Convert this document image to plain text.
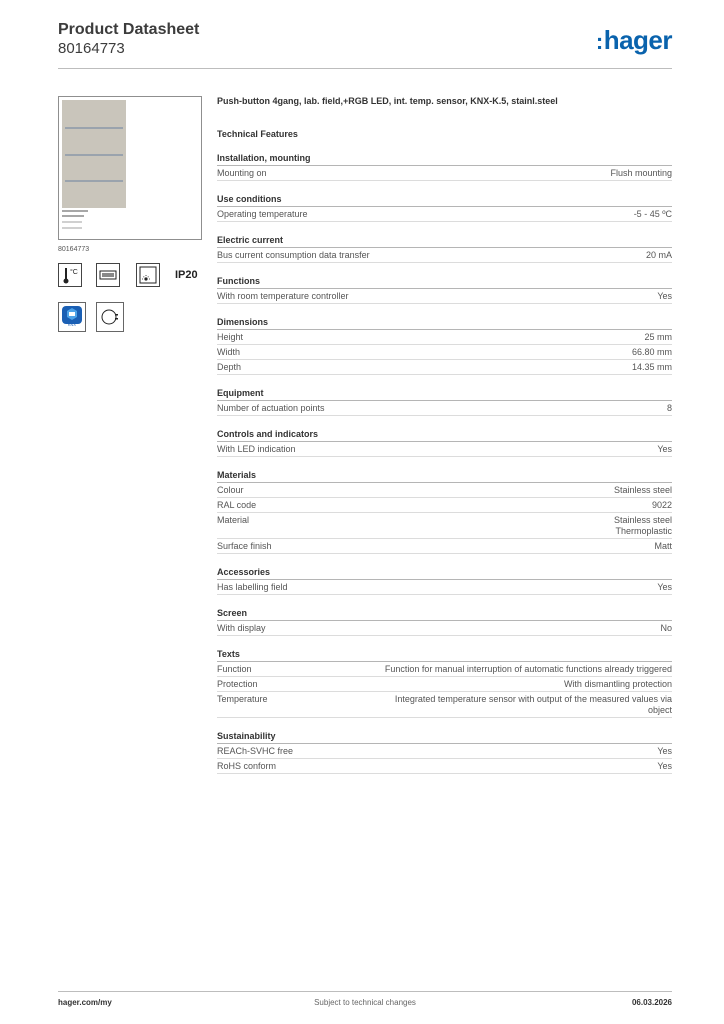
Product Datasheet
80164773	:hager
80164773
°C	IP20
KNX
Push-button 4gang, lab. field,+RGB LED, int. temp. sensor, KNX-K.5, stainl.steel
Technical Features
Installation, mounting
Mounting on	Flush mounting
Use conditions
Operating temperature	-5 - 45 ºC
Electric current
Bus current consumption data transfer	20 mA
Functions
With room temperature controller	Yes
Dimensions
Height	25 mm
Width	66.80 mm
Depth	14.35 mm
Equipment
Number of actuation points	8
Controls and indicators
With LED indication	Yes
Materials
Colour	Stainless steel
RAL code	9022
Material	Stainless steel
Thermoplastic
Surface finish	Matt
Accessories
Has labelling field	Yes
Screen
With display	No
Texts
Function	Function for manual interruption of automatic functions already triggered
Protection	With dismantling protection
Temperature	Integrated temperature sensor with output of the measured values via object
Sustainability
REACh-SVHC free	Yes
RoHS conform	Yes
hager.com/my	Subject to technical changes	06.03.2026
